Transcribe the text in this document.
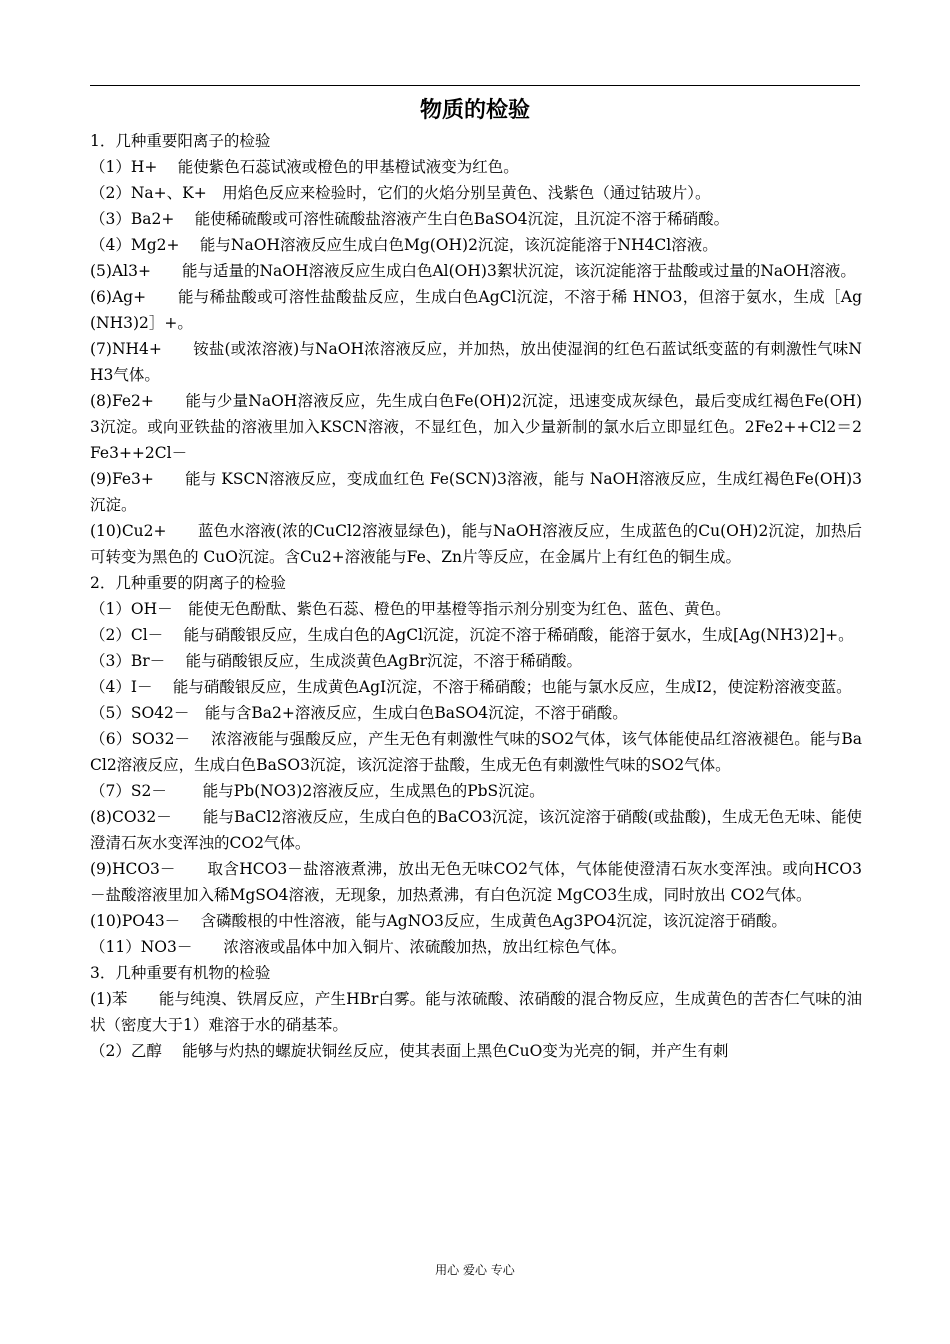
物质的检验

1．几种重要阳离子的检验

（1）H+　 能使紫色石蕊试液或橙色的甲基橙试液变为红色。

（2）Na+、K+　用焰色反应来检验时，它们的火焰分别呈黄色、浅紫色（通过钴玻片）。

（3）Ba2+　 能使稀硫酸或可溶性硫酸盐溶液产生白色BaSO4沉淀，且沉淀不溶于稀硝酸。

（4）Mg2+　 能与NaOH溶液反应生成白色Mg(OH)2沉淀，该沉淀能溶于NH4Cl溶液。

(5)Al3+　　能与适量的NaOH溶液反应生成白色Al(OH)3絮状沉淀，该沉淀能溶于盐酸或过量的NaOH溶液。

(6)Ag+　　能与稀盐酸或可溶性盐酸盐反应，生成白色AgCl沉淀，不溶于稀 HNO3，但溶于氨水，生成［Ag(NH3)2］+。

(7)NH4+　　铵盐(或浓溶液)与NaOH浓溶液反应，并加热，放出使湿润的红色石蓝试纸变蓝的有刺激性气味NH3气体。

(8)Fe2+　　能与少量NaOH溶液反应，先生成白色Fe(OH)2沉淀，迅速变成灰绿色，最后变成红褐色Fe(OH)3沉淀。或向亚铁盐的溶液里加入KSCN溶液，不显红色，加入少量新制的氯水后立即显红色。2Fe2++Cl2＝2Fe3++2Cl－

(9)Fe3+　　能与 KSCN溶液反应，变成血红色 Fe(SCN)3溶液，能与 NaOH溶液反应，生成红褐色Fe(OH)3沉淀。

(10)Cu2+　　蓝色水溶液(浓的CuCl2溶液显绿色)，能与NaOH溶液反应，生成蓝色的Cu(OH)2沉淀，加热后可转变为黑色的 CuO沉淀。含Cu2+溶液能与Fe、Zn片等反应，在金属片上有红色的铜生成。

2．几种重要的阴离子的检验

（1）OH－　能使无色酚酞、紫色石蕊、橙色的甲基橙等指示剂分别变为红色、蓝色、黄色。

（2）Cl－　 能与硝酸银反应，生成白色的AgCl沉淀，沉淀不溶于稀硝酸，能溶于氨水，生成[Ag(NH3)2]+。

（3）Br－　 能与硝酸银反应，生成淡黄色AgBr沉淀，不溶于稀硝酸。

（4）I－　 能与硝酸银反应，生成黄色AgI沉淀，不溶于稀硝酸；也能与氯水反应，生成I2，使淀粉溶液变蓝。

（5）SO42－　能与含Ba2+溶液反应，生成白色BaSO4沉淀，不溶于硝酸。

（6）SO32－　 浓溶液能与强酸反应，产生无色有刺激性气味的SO2气体，该气体能使品红溶液褪色。能与BaCl2溶液反应，生成白色BaSO3沉淀，该沉淀溶于盐酸，生成无色有刺激性气味的SO2气体。

（7）S2－　　 能与Pb(NO3)2溶液反应，生成黑色的PbS沉淀。

(8)CO32－　　能与BaCl2溶液反应，生成白色的BaCO3沉淀，该沉淀溶于硝酸(或盐酸)，生成无色无味、能使澄清石灰水变浑浊的CO2气体。

(9)HCO3－　　取含HCO3－盐溶液煮沸，放出无色无味CO2气体，气体能使澄清石灰水变浑浊。或向HCO3－盐酸溶液里加入稀MgSO4溶液，无现象，加热煮沸，有白色沉淀 MgCO3生成，同时放出 CO2气体。

(10)PO43－　 含磷酸根的中性溶液，能与AgNO3反应，生成黄色Ag3PO4沉淀，该沉淀溶于硝酸。

（11）NO3－　　浓溶液或晶体中加入铜片、浓硫酸加热，放出红棕色气体。

3．几种重要有机物的检验

(1)苯　　能与纯溴、铁屑反应，产生HBr白雾。能与浓硫酸、浓硝酸的混合物反应，生成黄色的苦杏仁气味的油状（密度大于1）难溶于水的硝基苯。

（2）乙醇　 能够与灼热的螺旋状铜丝反应，使其表面上黑色CuO变为光亮的铜，并产生有刺

用心 爱心 专心
